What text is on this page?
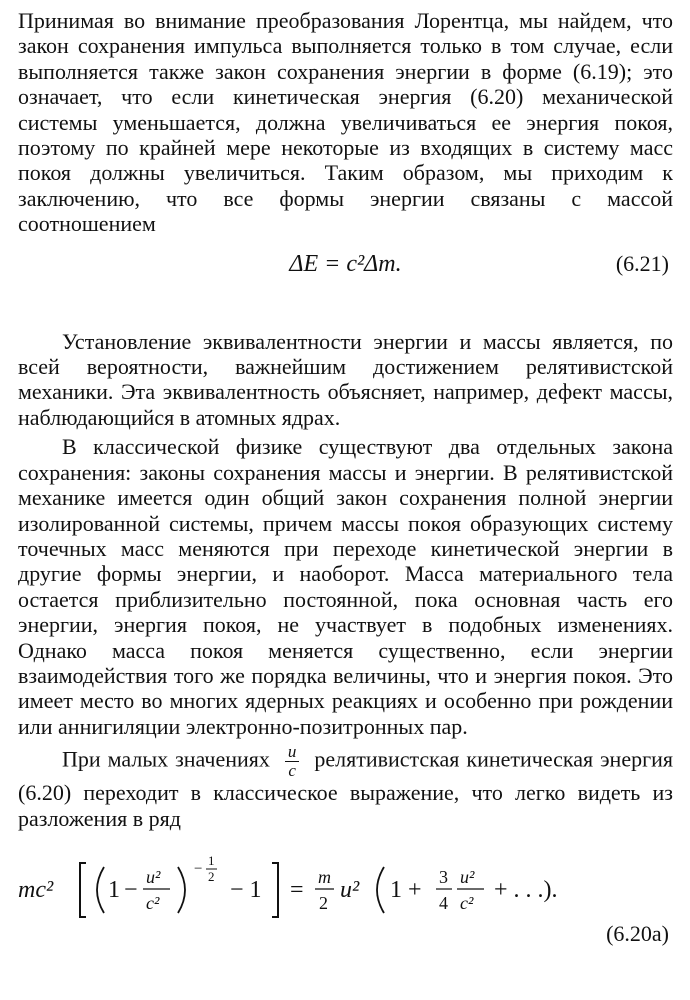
Принимая во внимание преобразования Лорентца, мы найдем, что закон сохранения импульса выполняется только в том случае, если выполняется также закон сохранения энергии в форме (6.19); это означает, что если кинетическая энергия (6.20) механической системы уменьшается, должна увеличиваться ее энергия покоя, поэтому по крайней мере некоторые из входящих в систему масс покоя должны увеличиться. Таким образом, мы приходим к заключению, что все формы энергии связаны с массой соотношением

ΔE = c²Δm.	(6.21)

Установление эквивалентности энергии и массы является, по всей вероятности, важнейшим достижением релятивистской механики. Эта эквивалентность объясняет, например, дефект массы, наблюдающийся в атомных ядрах.

В классической физике существуют два отдельных закона сохранения: законы сохранения массы и энергии. В релятивистской механике имеется один общий закон сохранения полной энергии изолированной системы, причем массы покоя образующих систему точечных масс меняются при переходе кинетической энергии в другие формы энергии, и наоборот. Масса материального тела остается приблизительно постоянной, пока основная часть его энергии, энергия покоя, не участвует в подобных изменениях. Однако масса покоя меняется существенно, если энергии взаимодействия того же порядка величины, что и энергия покоя. Это имеет место во многих ядерных реакциях и особенно при рождении или аннигиляции электронно-позитронных пар.

При малых значениях $\frac{u}{c}$ релятивистская кинетическая энергия (6.20) переходит в классическое выражение, что легко видеть из разложения в ряд

mc² 1 − u²
c²
−
1
2
− 1 = m
2 u² 1 + 3
4
u²
c² + . . .).
(6.20a)
